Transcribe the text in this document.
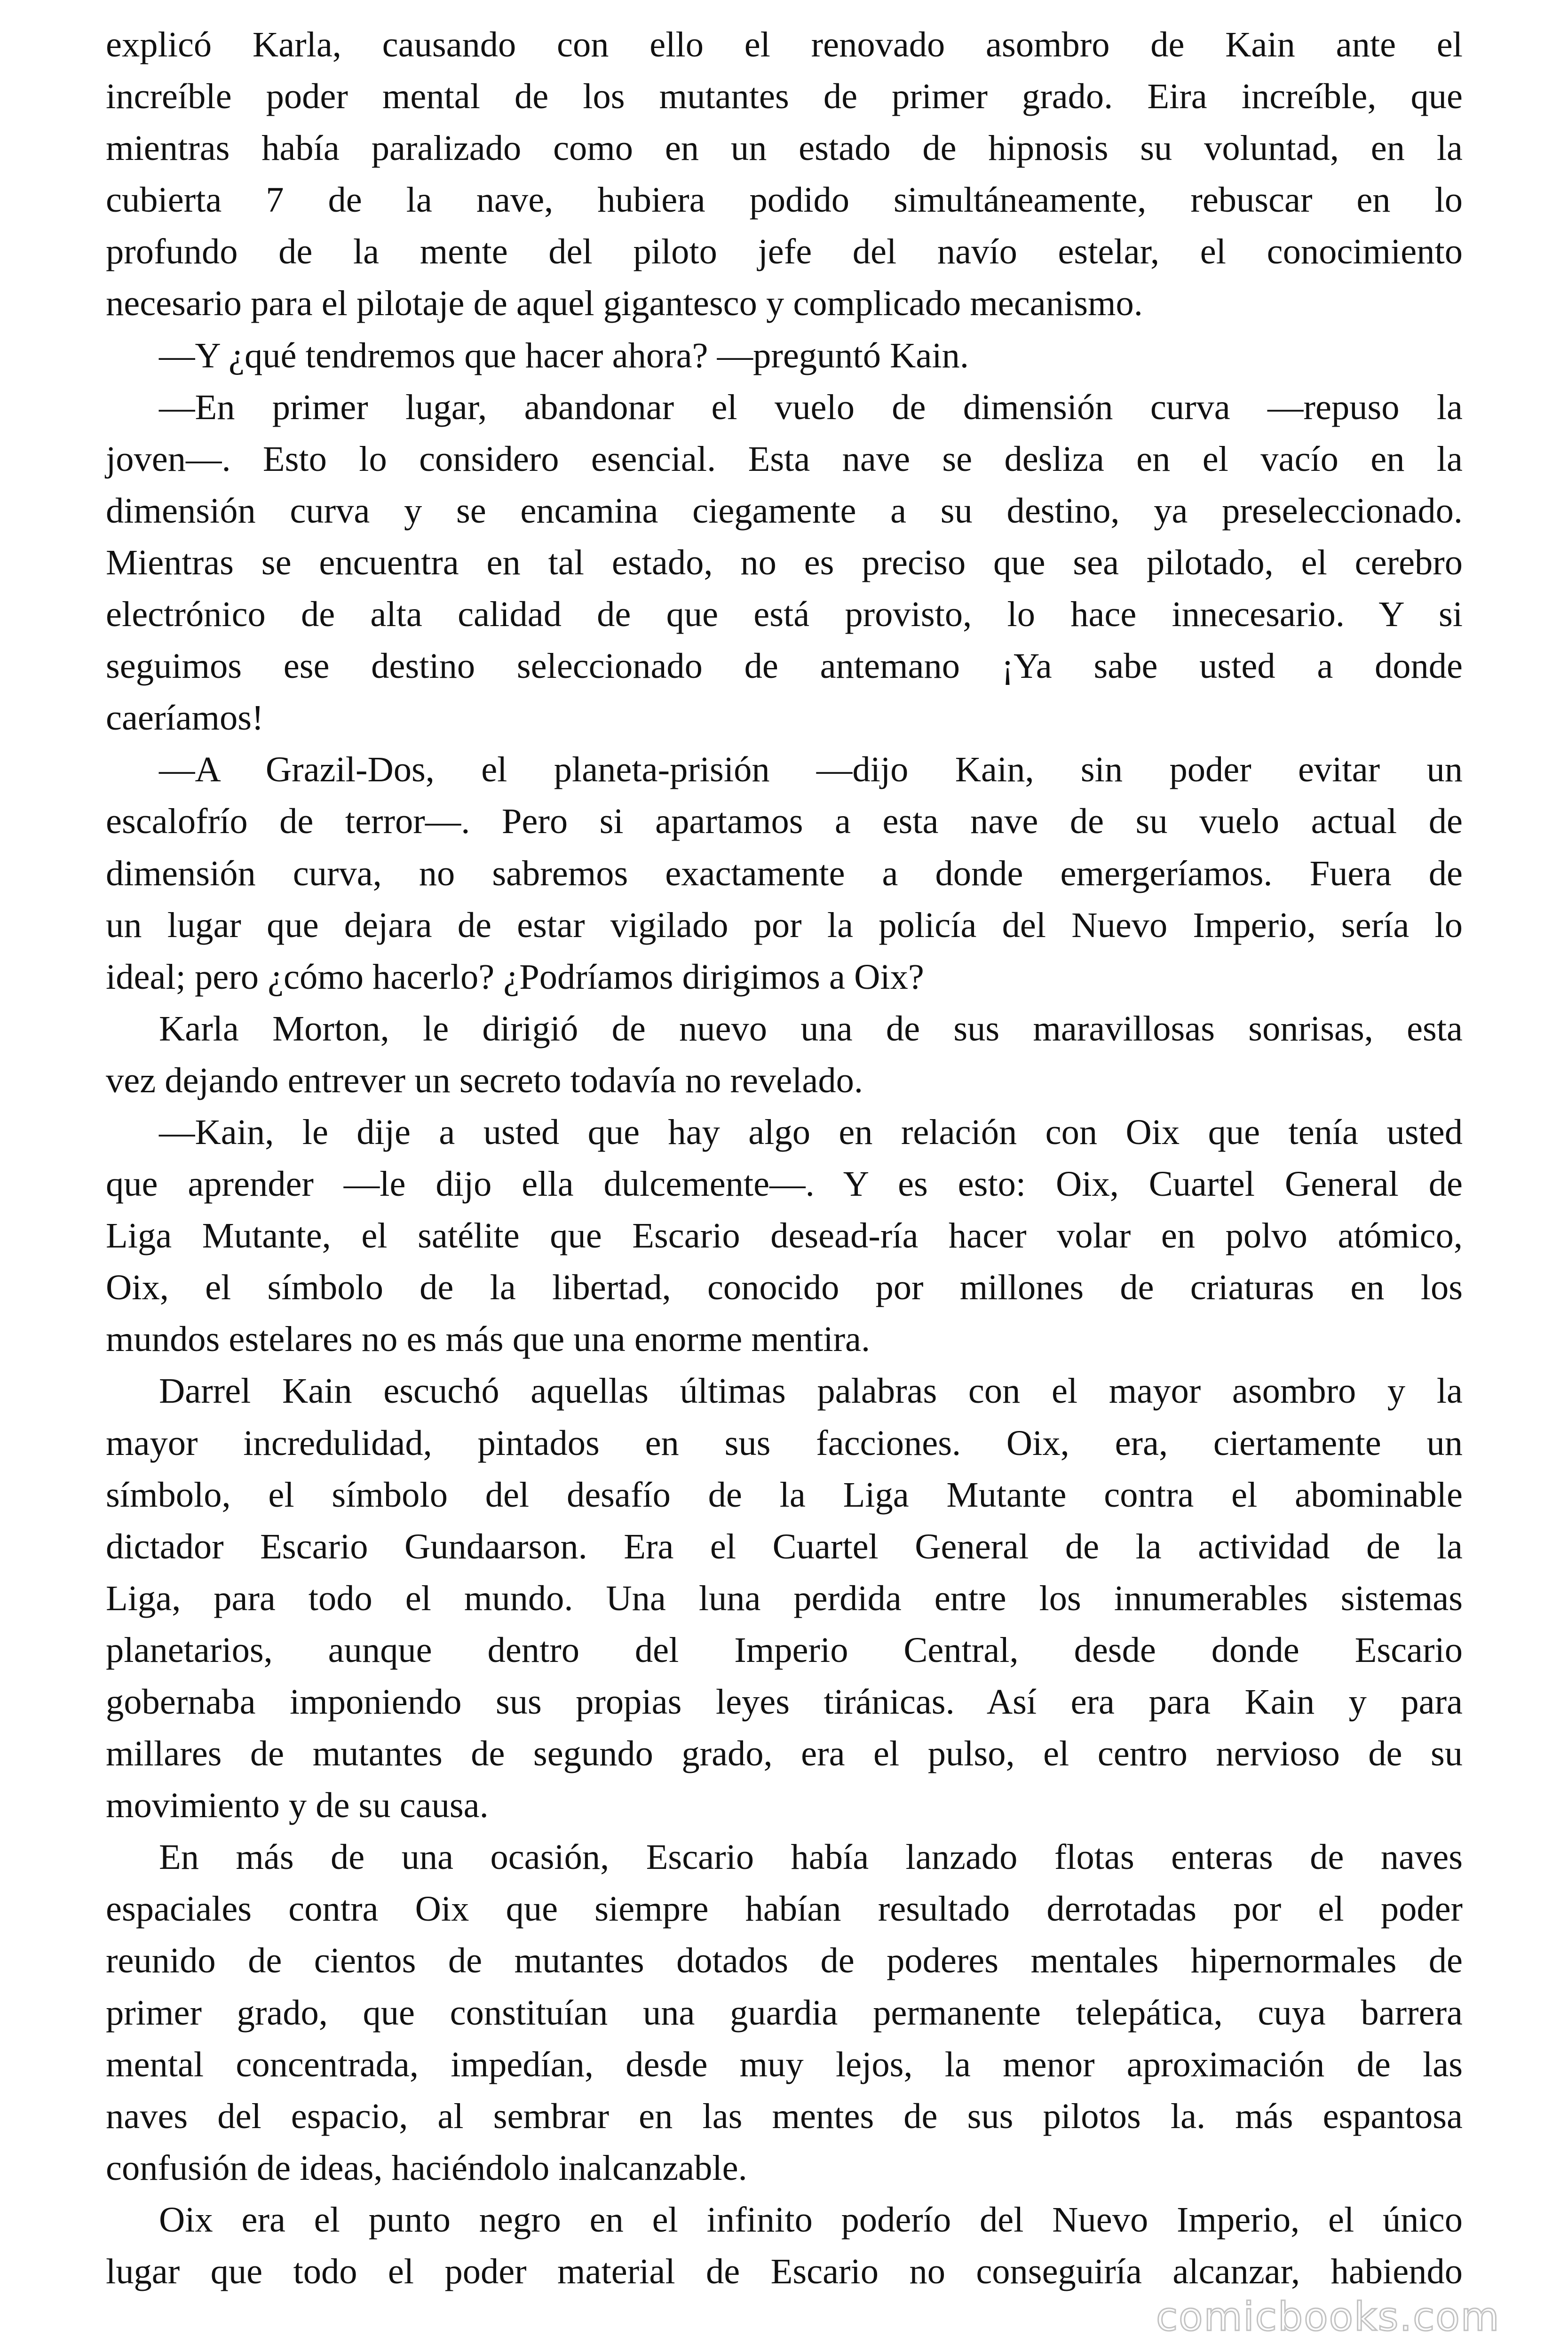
explicó Karla, causando con ello el renovado asombro de Kain ante el

increíble poder mental de los mutantes de primer grado. Eira increíble, que

mientras había paralizado como en un estado de hipnosis su voluntad, en la

cubierta 7 de la nave, hubiera podido simultáneamente, rebuscar en lo

profundo de la mente del piloto jefe del navío estelar, el conocimiento

necesario para el pilotaje de aquel gigantesco y complicado mecanismo.

—Y ¿qué tendremos que hacer ahora? —preguntó Kain.

—En primer lugar, abandonar el vuelo de dimensión curva —repuso la

joven—. Esto lo considero esencial. Esta nave se desliza en el vacío en la

dimensión curva y se encamina ciegamente a su destino, ya preseleccionado.

Mientras se encuentra en tal estado, no es preciso que sea pilotado, el cerebro

electrónico de alta calidad de que está provisto, lo hace innecesario. Y si

seguimos ese destino seleccionado de antemano ¡Ya sabe usted a donde

caeríamos!

—A Grazil-Dos, el planeta-prisión —dijo Kain, sin poder evitar un

escalofrío de terror—. Pero si apartamos a esta nave de su vuelo actual de

dimensión curva, no sabremos exactamente a donde emergeríamos. Fuera de

un lugar que dejara de estar vigilado por la policía del Nuevo Imperio, sería lo

ideal; pero ¿cómo hacerlo? ¿Podríamos dirigimos a Oix?

Karla Morton, le dirigió de nuevo una de sus maravillosas sonrisas, esta

vez dejando entrever un secreto todavía no revelado.

—Kain, le dije a usted que hay algo en relación con Oix que tenía usted

que aprender —le dijo ella dulcemente—. Y es esto: Oix, Cuartel General de

Liga Mutante, el satélite que Escario desead-ría hacer volar en polvo atómico,

Oix, el símbolo de la libertad, conocido por millones de criaturas en los

mundos estelares no es más que una enorme mentira.

Darrel Kain escuchó aquellas últimas palabras con el mayor asombro y la

mayor incredulidad, pintados en sus facciones. Oix, era, ciertamente un

símbolo, el símbolo del desafío de la Liga Mutante contra el abominable

dictador Escario Gundaarson. Era el Cuartel General de la actividad de la

Liga, para todo el mundo. Una luna perdida entre los innumerables sistemas

planetarios, aunque dentro del Imperio Central, desde donde Escario

gobernaba imponiendo sus propias leyes tiránicas. Así era para Kain y para

millares de mutantes de segundo grado, era el pulso, el centro nervioso de su

movimiento y de su causa.

En más de una ocasión, Escario había lanzado flotas enteras de naves

espaciales contra Oix que siempre habían resultado derrotadas por el poder

reunido de cientos de mutantes dotados de poderes mentales hipernormales de

primer grado, que constituían una guardia permanente telepática, cuya barrera

mental concentrada, impedían, desde muy lejos, la menor aproximación de las

naves del espacio, al sembrar en las mentes de sus pilotos la. más espantosa

confusión de ideas, haciéndolo inalcanzable.

Oix era el punto negro en el infinito poderío del Nuevo Imperio, el único

lugar que todo el poder material de Escario no conseguiría alcanzar, habiendo

comicbooks.com
